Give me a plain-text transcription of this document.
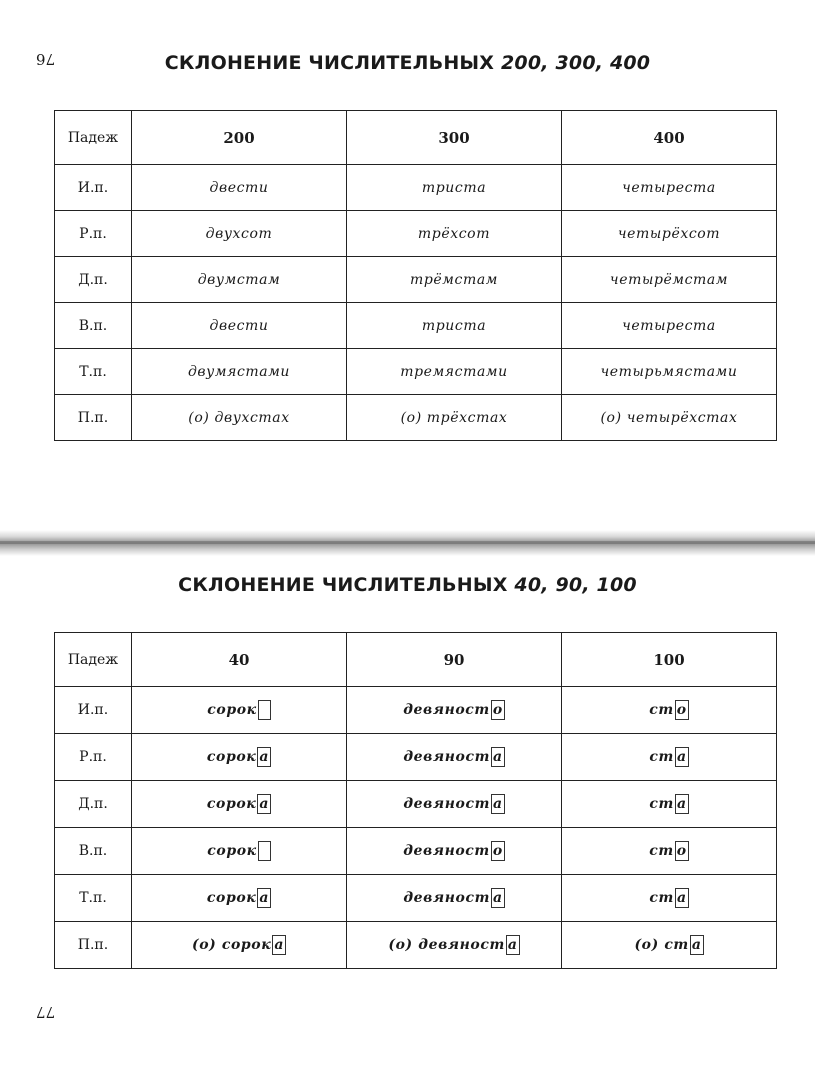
76	СКЛОНЕНИЕ ЧИСЛИТЕЛЬНЫХ 200, 300, 400
Падеж	200	300	400
И.п.	двести	триста	четыреста
Р.п.	двухсот	трёхсот	четырёхсот
Д.п.	двумстам	трёмстам	четырёмстам
В.п.	двести	триста	четыреста
Т.п.	двумястами	тремястами	четырьмястами
П.п.	(о) двухстах	(о) трёхстах	(о) четырёхстах
СКЛОНЕНИЕ ЧИСЛИТЕЛЬНЫХ 40, 90, 100
Падеж	40	90	100
И.п.	сорок	девяност о	ст о
Р.п.	сорок а	девяност а	ст а
Д.п.	сорок а	девяност а	ст а
В.п.	сорок	девяност о	ст о
Т.п.	сорок а	девяност а	ст а
П.п.	(о) сорок а	(о) девяност а	(о) ст а
77
